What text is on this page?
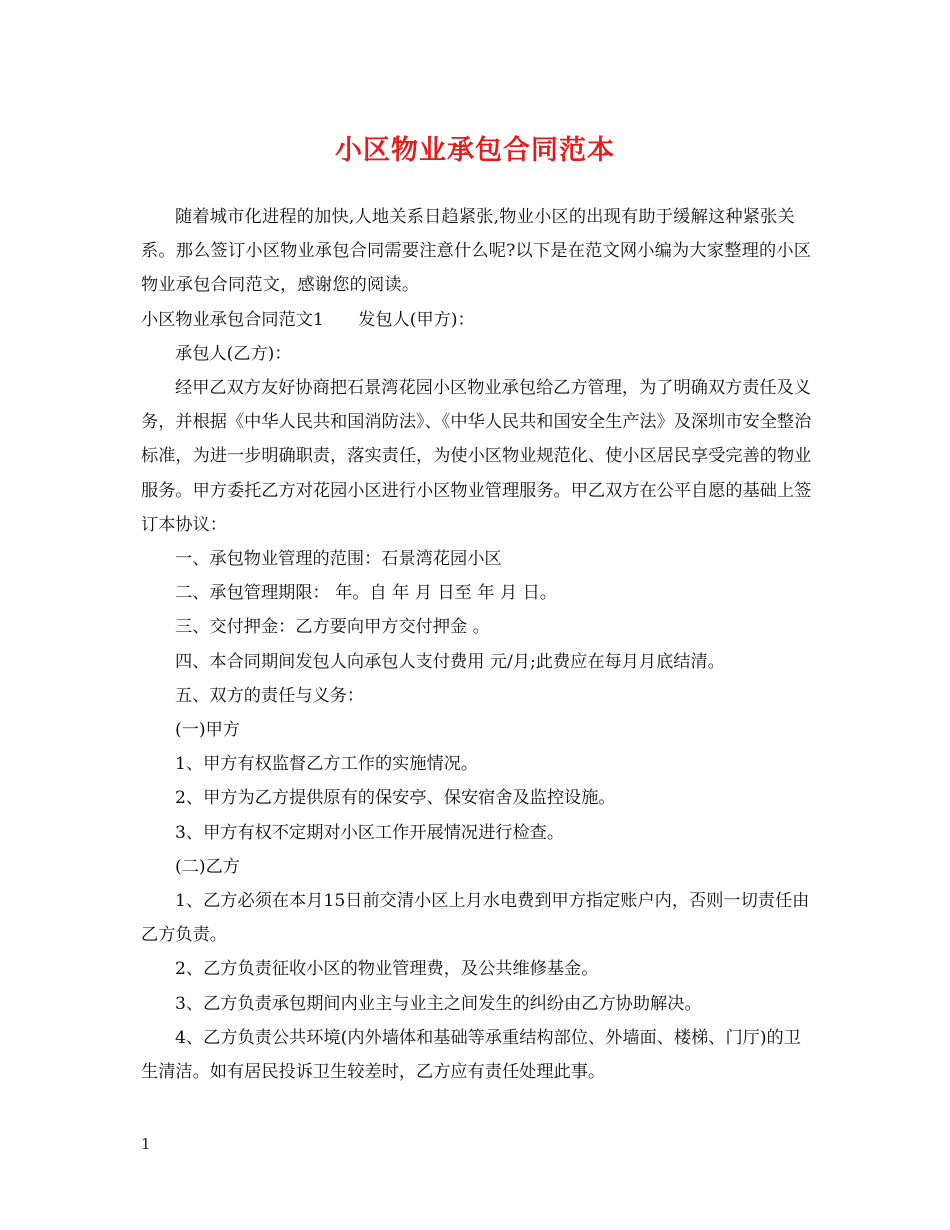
小区物业承包合同范本

随着城市化进程的加快,人地关系日趋紧张,物业小区的出现有助于缓解这种紧张关系。那么签订小区物业承包合同需要注意什么呢?以下是在范文网小编为大家整理的小区物业承包合同范文，感谢您的阅读。

小区物业承包合同范文1　　发包人(甲方)：

承包人(乙方)：

经甲乙双方友好协商把石景湾花园小区物业承包给乙方管理，为了明确双方责任及义务，并根据《中华人民共和国消防法》、《中华人民共和国安全生产法》及深圳市安全整治标准，为进一步明确职责，落实责任，为使小区物业规范化、使小区居民享受完善的物业服务。甲方委托乙方对花园小区进行小区物业管理服务。甲乙双方在公平自愿的基础上签订本协议：

一、承包物业管理的范围：石景湾花园小区

二、承包管理期限： 年。自 年 月 日至 年 月 日。

三、交付押金：乙方要向甲方交付押金 。

四、本合同期间发包人向承包人支付费用 元/月;此费应在每月月底结清。

五、双方的责任与义务：

(一)甲方

1、甲方有权监督乙方工作的实施情况。

2、甲方为乙方提供原有的保安亭、保安宿舍及监控设施。

3、甲方有权不定期对小区工作开展情况进行检查。

(二)乙方

1、乙方必须在本月15日前交清小区上月水电费到甲方指定账户内，否则一切责任由乙方负责。

2、乙方负责征收小区的物业管理费，及公共维修基金。

3、乙方负责承包期间内业主与业主之间发生的纠纷由乙方协助解决。

4、乙方负责公共环境(内外墙体和基础等承重结构部位、外墙面、楼梯、门厅)的卫生清洁。如有居民投诉卫生较差时，乙方应有责任处理此事。

1
